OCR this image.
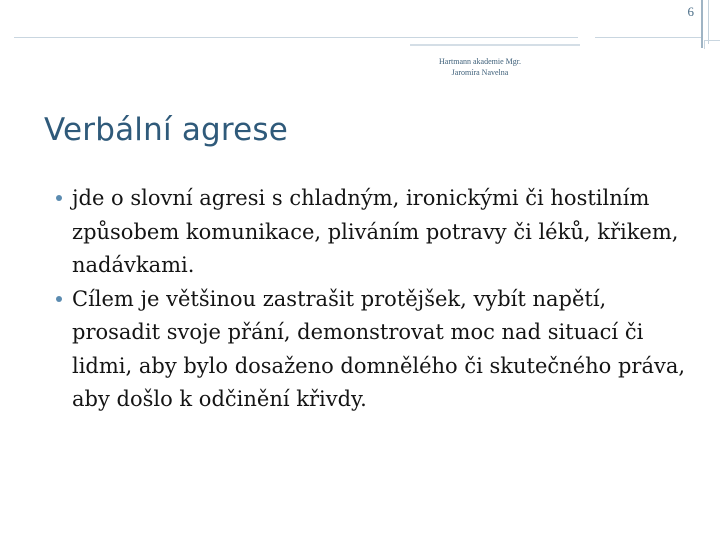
6
Hartmann akademie Mgr.
Jaromíra Navelna
Verbální agrese
jde o slovní agresi s chladným, ironickými či hostilním způsobem komunikace, pliváním potravy či léků, křikem, nadávkami.
Cílem je většinou zastrašit protějšek, vybít napětí, prosadit svoje přání, demonstrovat moc nad situací či lidmi, aby bylo dosaženo domnělého či skutečného práva, aby došlo k odčinění křivdy.
